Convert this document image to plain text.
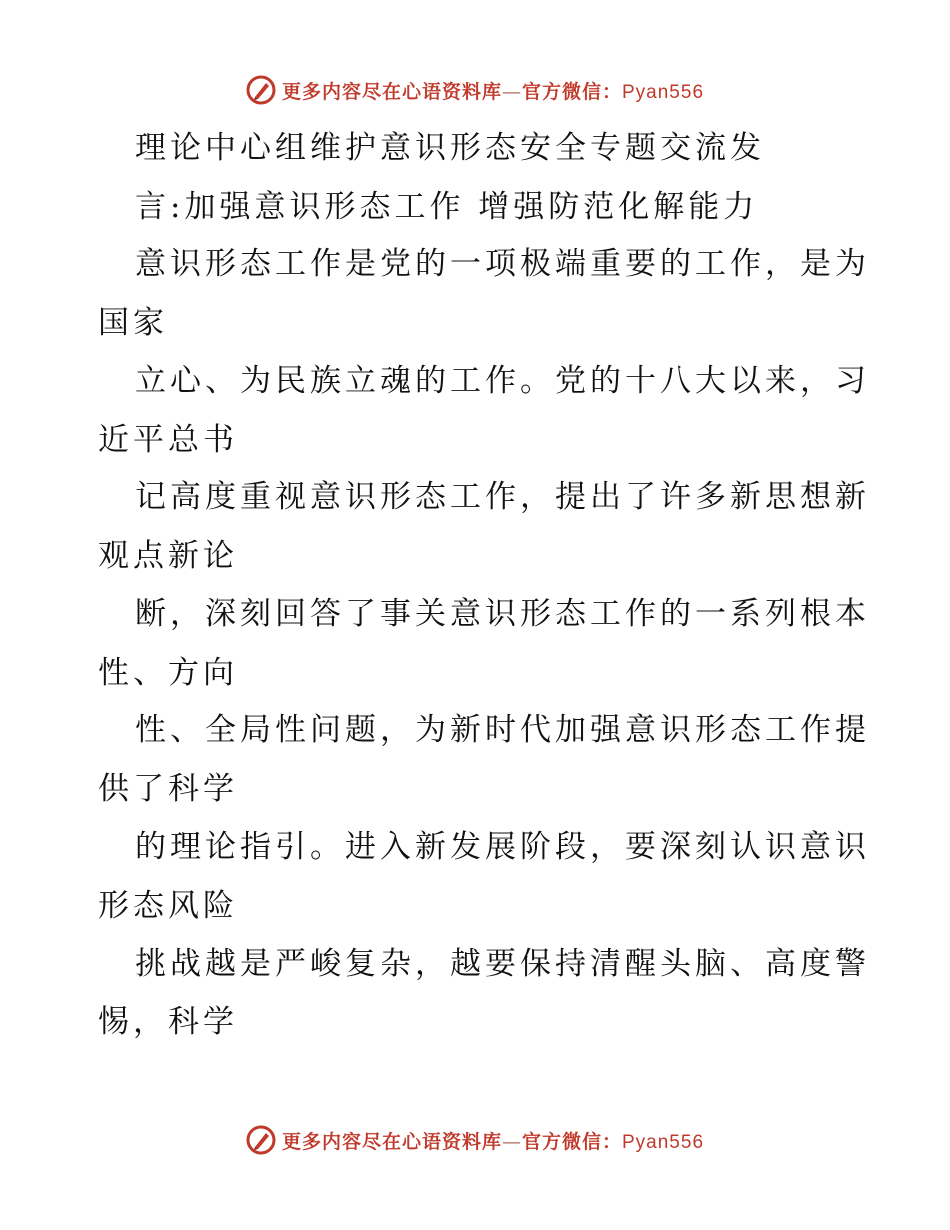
更多内容尽在心语资料库—官方微信：Pyan556
理论中心组维护意识形态安全专题交流发
言:加强意识形态工作 增强防范化解能力
意识形态工作是党的一项极端重要的工作，是为
国家
立心、为民族立魂的工作。党的十八大以来，习
近平总书
记高度重视意识形态工作，提出了许多新思想新
观点新论
断，深刻回答了事关意识形态工作的一系列根本
性、方向
性、全局性问题，为新时代加强意识形态工作提
供了科学
的理论指引。进入新发展阶段，要深刻认识意识
形态风险
挑战越是严峻复杂，越要保持清醒头脑、高度警
惕，科学
更多内容尽在心语资料库—官方微信：Pyan556
